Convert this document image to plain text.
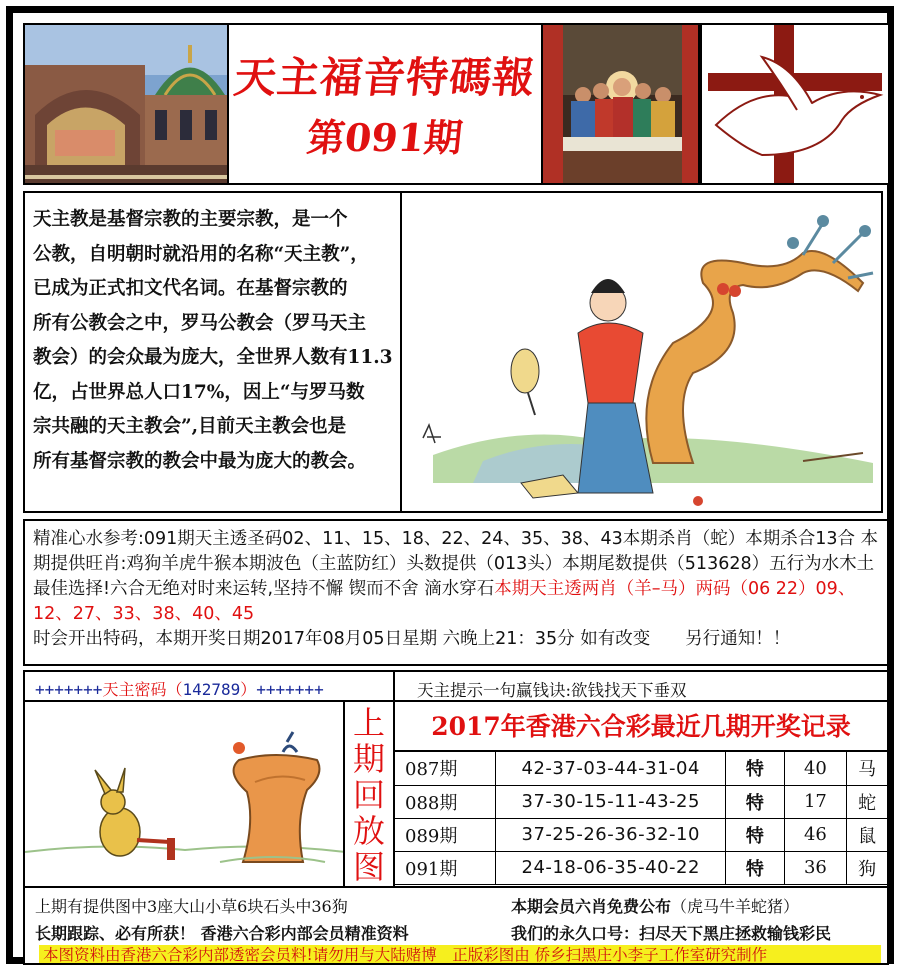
天主福音特碼報
第091期
天主教是基督宗教的主要宗教，是一个
公教，自明朝时就沿用的名称“天主教”，
已成为正式扣文代名词。在基督宗教的
所有公教会之中，罗马公教会（罗马天主
教会）的会众最为庞大，全世界人数有11.3
亿，占世界总人口17%，因上“与罗马数
宗共融的天主教会”,目前天主教会也是
所有基督宗教的教会中最为庞大的教会。
精准心水参考:091期天主透圣码02、11、15、18、22、24、35、38、43本期杀肖（蛇）本期杀合13合 本期提供旺肖:鸡狗羊虎牛猴本期波色（主蓝防红）头数提供（013头）本期尾数提供（513628）五行为水木土最佳选择!六合无绝对时来运转,坚持不懈 锲而不舍 滴水穿石本期天主透两肖（羊–马）两码（06 22）09、12、27、33、38、40、45
时会开出特码，本期开奖日期2017年08月05日星期 六晚上21：35分 如有改变　　另行通知！！
+++++++天主密码（142789）+++++++	天主提示一句赢钱诀:欲钱找天下垂双
上
期
回
放
图
2017年香港六合彩最近几期开奖记录
087期	42-37-03-44-31-04	特	40	马
088期	37-30-15-11-43-25	特	17	蛇
089期	37-25-26-36-32-10	特	46	鼠
091期	24-18-06-35-40-22	特	36	狗
上期有提供图中3座大山小草6块石头中36狗	本期会员六肖免费公布（虎马牛羊蛇猪）
长期跟踪、必有所获！ 香港六合彩内部会员精准资料	我们的永久口号：扫尽天下黑庄拯救输钱彩民
本图资料由香港六合彩内部透密会员料!请勿用与大陆赌博　正版彩图由 侨乡扫黑庄小李子工作室研究制作
